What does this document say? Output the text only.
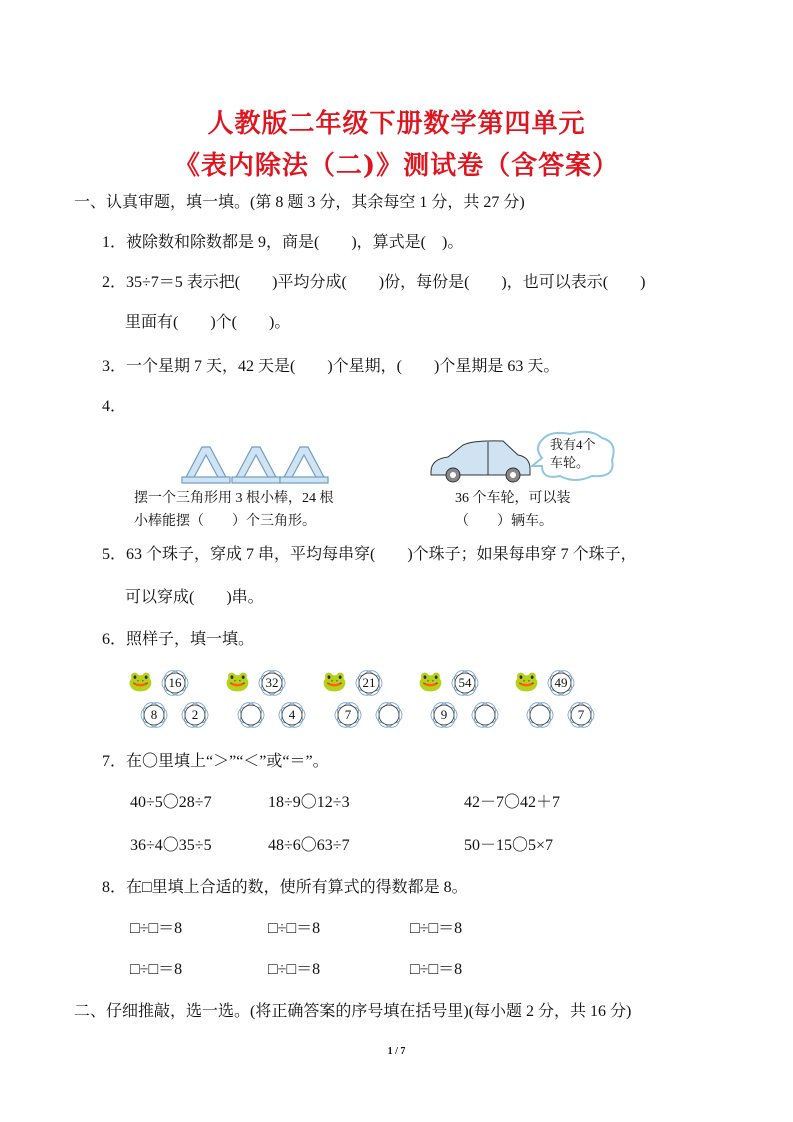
人教版二年级下册数学第四单元
《表内除法（二)》测试卷（含答案）
一、认真审题，填一填。(第 8 题 3 分，其余每空 1 分，共 27 分)
1．被除数和除数都是 9，商是(　　)，算式是(　)。
2．35÷7＝5 表示把(　　)平均分成(　　)份，每份是(　　)，也可以表示(　　)
里面有(　　)个(　　)。
3．一个星期 7 天，42 天是(　　)个星期，(　　)个星期是 63 天。
4．
摆一个三角形用 3 根小棒，24 根
小棒能摆（　　）个三角形。
我有4个
车轮。
36 个车轮，可以装
（　　）辆车。
5．63 个珠子，穿成 7 串，平均每串穿(　　)个珠子；如果每串穿 7 个珠子，
可以穿成(　　)串。
6．照样子，填一填。
7．在〇里填上“＞”“＜”或“＝”。
8．在□里填上合适的数，使所有算式的得数都是 8。
二、仔细推敲，选一选。(将正确答案的序号填在括号里)(每小题 2 分，共 16 分)
1 / 7
🐸	16
8	2
🐸	32
4
🐸	21
7
🐸	54
9
🐸	49
7
40÷5〇28÷7	18÷9〇12÷3	42－7〇42＋7
36÷4〇35÷5	48÷6〇63÷7	50－15〇5×7
□÷□＝8	□÷□＝8	□÷□＝8
□÷□＝8	□÷□＝8	□÷□＝8
